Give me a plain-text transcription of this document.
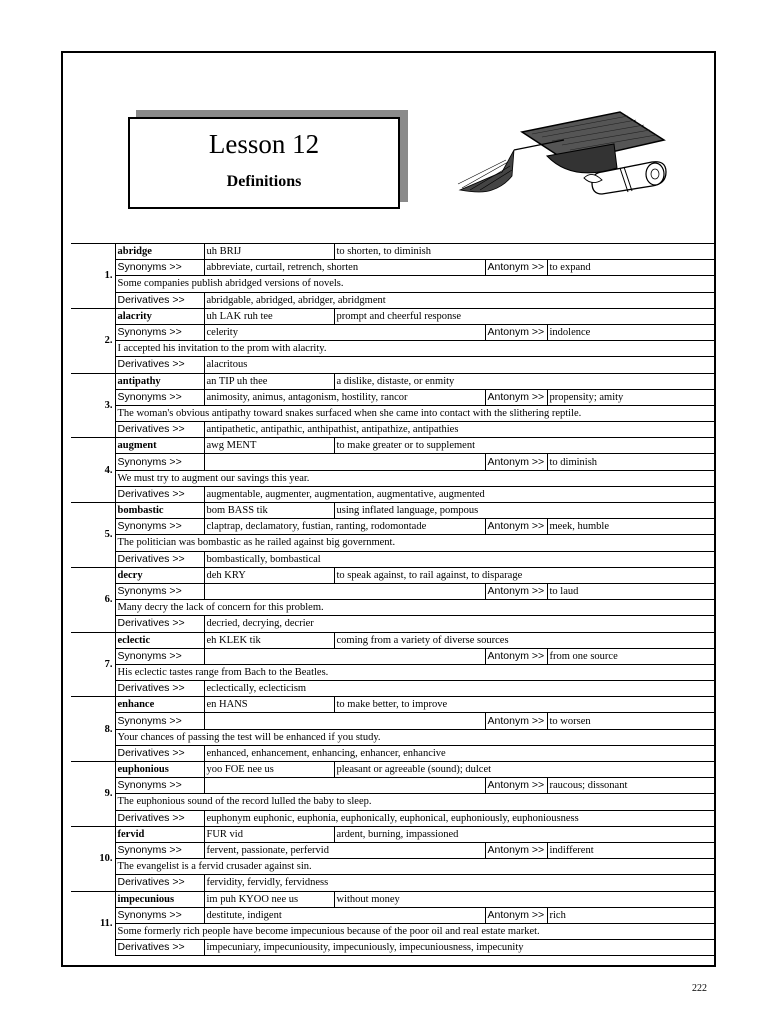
Lesson 12
Definitions
1.	abridge	uh BRIJ	to shorten, to diminish		
	Synonyms >>	abbreviate, curtail, retrench, shorten		Antonym >>	to expand
	Some companies publish abridged versions of novels.				
	Derivatives >>	abridgable, abridged, abridger, abridgment			
2.	alacrity	uh LAK ruh tee	prompt and cheerful response		
	Synonyms >>	celerity		Antonym >>	indolence
	I accepted his invitation to the prom with alacrity.				
	Derivatives >>	alacritous			
3.	antipathy	an TIP uh thee	a dislike, distaste, or enmity		
	Synonyms >>	animosity, animus, antagonism, hostility, rancor		Antonym >>	propensity; amity
	The woman's obvious antipathy toward snakes surfaced when she came into contact with the slithering reptile.				
	Derivatives >>	antipathetic, antipathic, anthipathist, antipathize, antipathies			
4.	augment	awg MENT	to make greater or to supplement		
	Synonyms >>			Antonym >>	to diminish
	We must try to augment our savings this year.				
	Derivatives >>	augmentable, augmenter, augmentation, augmentative, augmented			
5.	bombastic	bom BASS tik	using inflated language, pompous		
	Synonyms >>	claptrap, declamatory, fustian, ranting, rodomontade		Antonym >>	meek, humble
	The politician was bombastic as he railed against big government.				
	Derivatives >>	bombastically, bombastical			
6.	decry	deh KRY	to speak against, to rail against, to disparage		
	Synonyms >>			Antonym >>	to laud
	Many decry the lack of concern for this problem.				
	Derivatives >>	decried, decrying, decrier			
7.	eclectic	eh KLEK tik	coming from a variety of diverse sources		
	Synonyms >>			Antonym >>	from one source
	His eclectic tastes range from Bach to the Beatles.				
	Derivatives >>	eclectically, eclecticism			
8.	enhance	en HANS	to make better, to improve		
	Synonyms >>			Antonym >>	to worsen
	Your chances of passing the test will be enhanced if you study.				
	Derivatives >>	enhanced, enhancement, enhancing, enhancer, enhancive			
9.	euphonious	yoo FOE nee us	pleasant or agreeable (sound); dulcet		
	Synonyms >>			Antonym >>	raucous; dissonant
	The euphonious sound of the record lulled the baby to sleep.				
	Derivatives >>	euphonym euphonic, euphonia, euphonically, euphonical, euphoniously, euphoniousness			
10.	fervid	FUR vid	ardent, burning, impassioned		
	Synonyms >>	fervent, passionate, perfervid		Antonym >>	indifferent
	The evangelist is a fervid crusader against sin.				
	Derivatives >>	fervidity, fervidly, fervidness			
11.	impecunious	im puh KYOO nee us	without money		
	Synonyms >>	destitute, indigent		Antonym >>	rich
	Some formerly rich people have become impecunious because of the poor oil and real estate market.				
	Derivatives >>	impecuniary, impecuniousity, impecuniously, impecuniousness, impecunity			
222
